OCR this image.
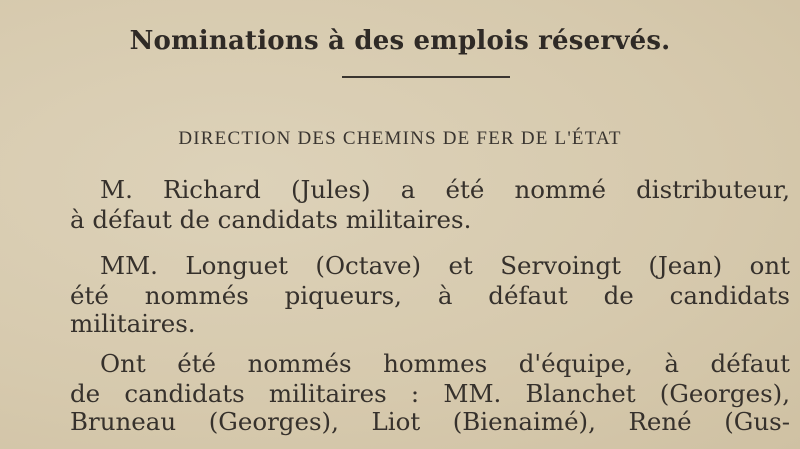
Nominations à des emplois réservés.
DIRECTION DES CHEMINS DE FER DE L'ÉTAT
M. Richard (Jules) a été nommé distributeur,
à défaut de candidats militaires.
MM. Longuet (Octave) et Servoingt (Jean) ont
été nommés piqueurs, à défaut de candidats
militaires.
Ont été nommés hommes d'équipe, à défaut
de candidats militaires : MM. Blanchet (Georges),
Bruneau (Georges), Liot (Bienaimé), René (Gus-
